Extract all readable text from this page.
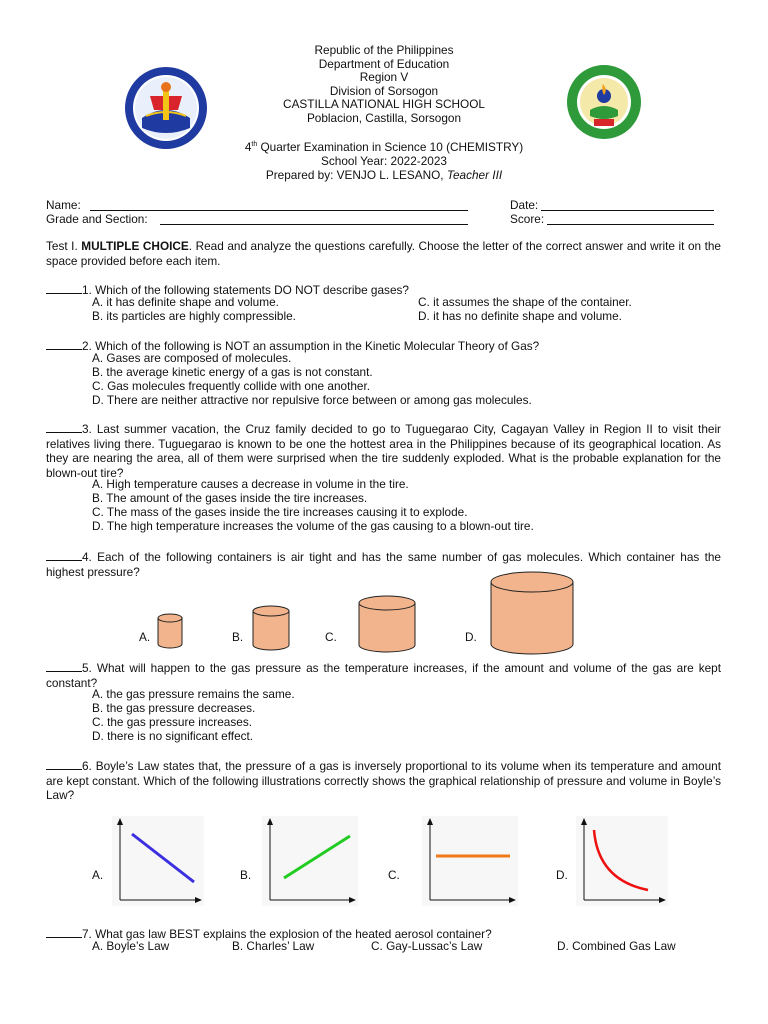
Republic of the Philippines
Department of Education
Region V
Division of Sorsogon
CASTILLA NATIONAL HIGH SCHOOL
Poblacion, Castilla, Sorsogon
4th Quarter Examination in Science 10 (CHEMISTRY)
School Year: 2022-2023
Prepared by: VENJO L. LESANO, Teacher III
Name:	Date:
Grade and Section:	Score:
Test I. MULTIPLE CHOICE. Read and analyze the questions carefully. Choose the letter of the correct answer and write it on the space provided before each item.
1. Which of the following statements DO NOT describe gases?
A. it has definite shape and volume.	C. it assumes the shape of the container.
B. its particles are highly compressible.	D. it has no definite shape and volume.
2. Which of the following is NOT an assumption in the Kinetic Molecular Theory of Gas?
A. Gases are composed of molecules.
B. the average kinetic energy of a gas is not constant.
C. Gas molecules frequently collide with one another.
D. There are neither attractive nor repulsive force between or among gas molecules.
3. Last summer vacation, the Cruz family decided to go to Tuguegarao City, Cagayan Valley in Region II to visit their relatives living there. Tuguegarao is known to be one the hottest area in the Philippines because of its geographical location. As they are nearing the area, all of them were surprised when the tire suddenly exploded. What is the probable explanation for the blown-out tire?
A. High temperature causes a decrease in volume in the tire.
B. The amount of the gases inside the tire increases.
C. The mass of the gases inside the tire increases causing it to explode.
D. The high temperature increases the volume of the gas causing to a blown-out tire.
4. Each of the following containers is air tight and has the same number of gas molecules. Which container has the highest pressure?
A.	B.	C.	D.
5. What will happen to the gas pressure as the temperature increases, if the amount and volume of the gas are kept constant?
A. the gas pressure remains the same.
B. the gas pressure decreases.
C. the gas pressure increases.
D. there is no significant effect.
6. Boyle’s Law states that, the pressure of a gas is inversely proportional to its volume when its temperature and amount are kept constant. Which of the following illustrations correctly shows the graphical relationship of pressure and volume in Boyle’s Law?
A.	B.	C.	D.
7. What gas law BEST explains the explosion of the heated aerosol container?
A. Boyle’s Law	B. Charles’ Law	C. Gay-Lussac’s Law	D. Combined Gas Law
